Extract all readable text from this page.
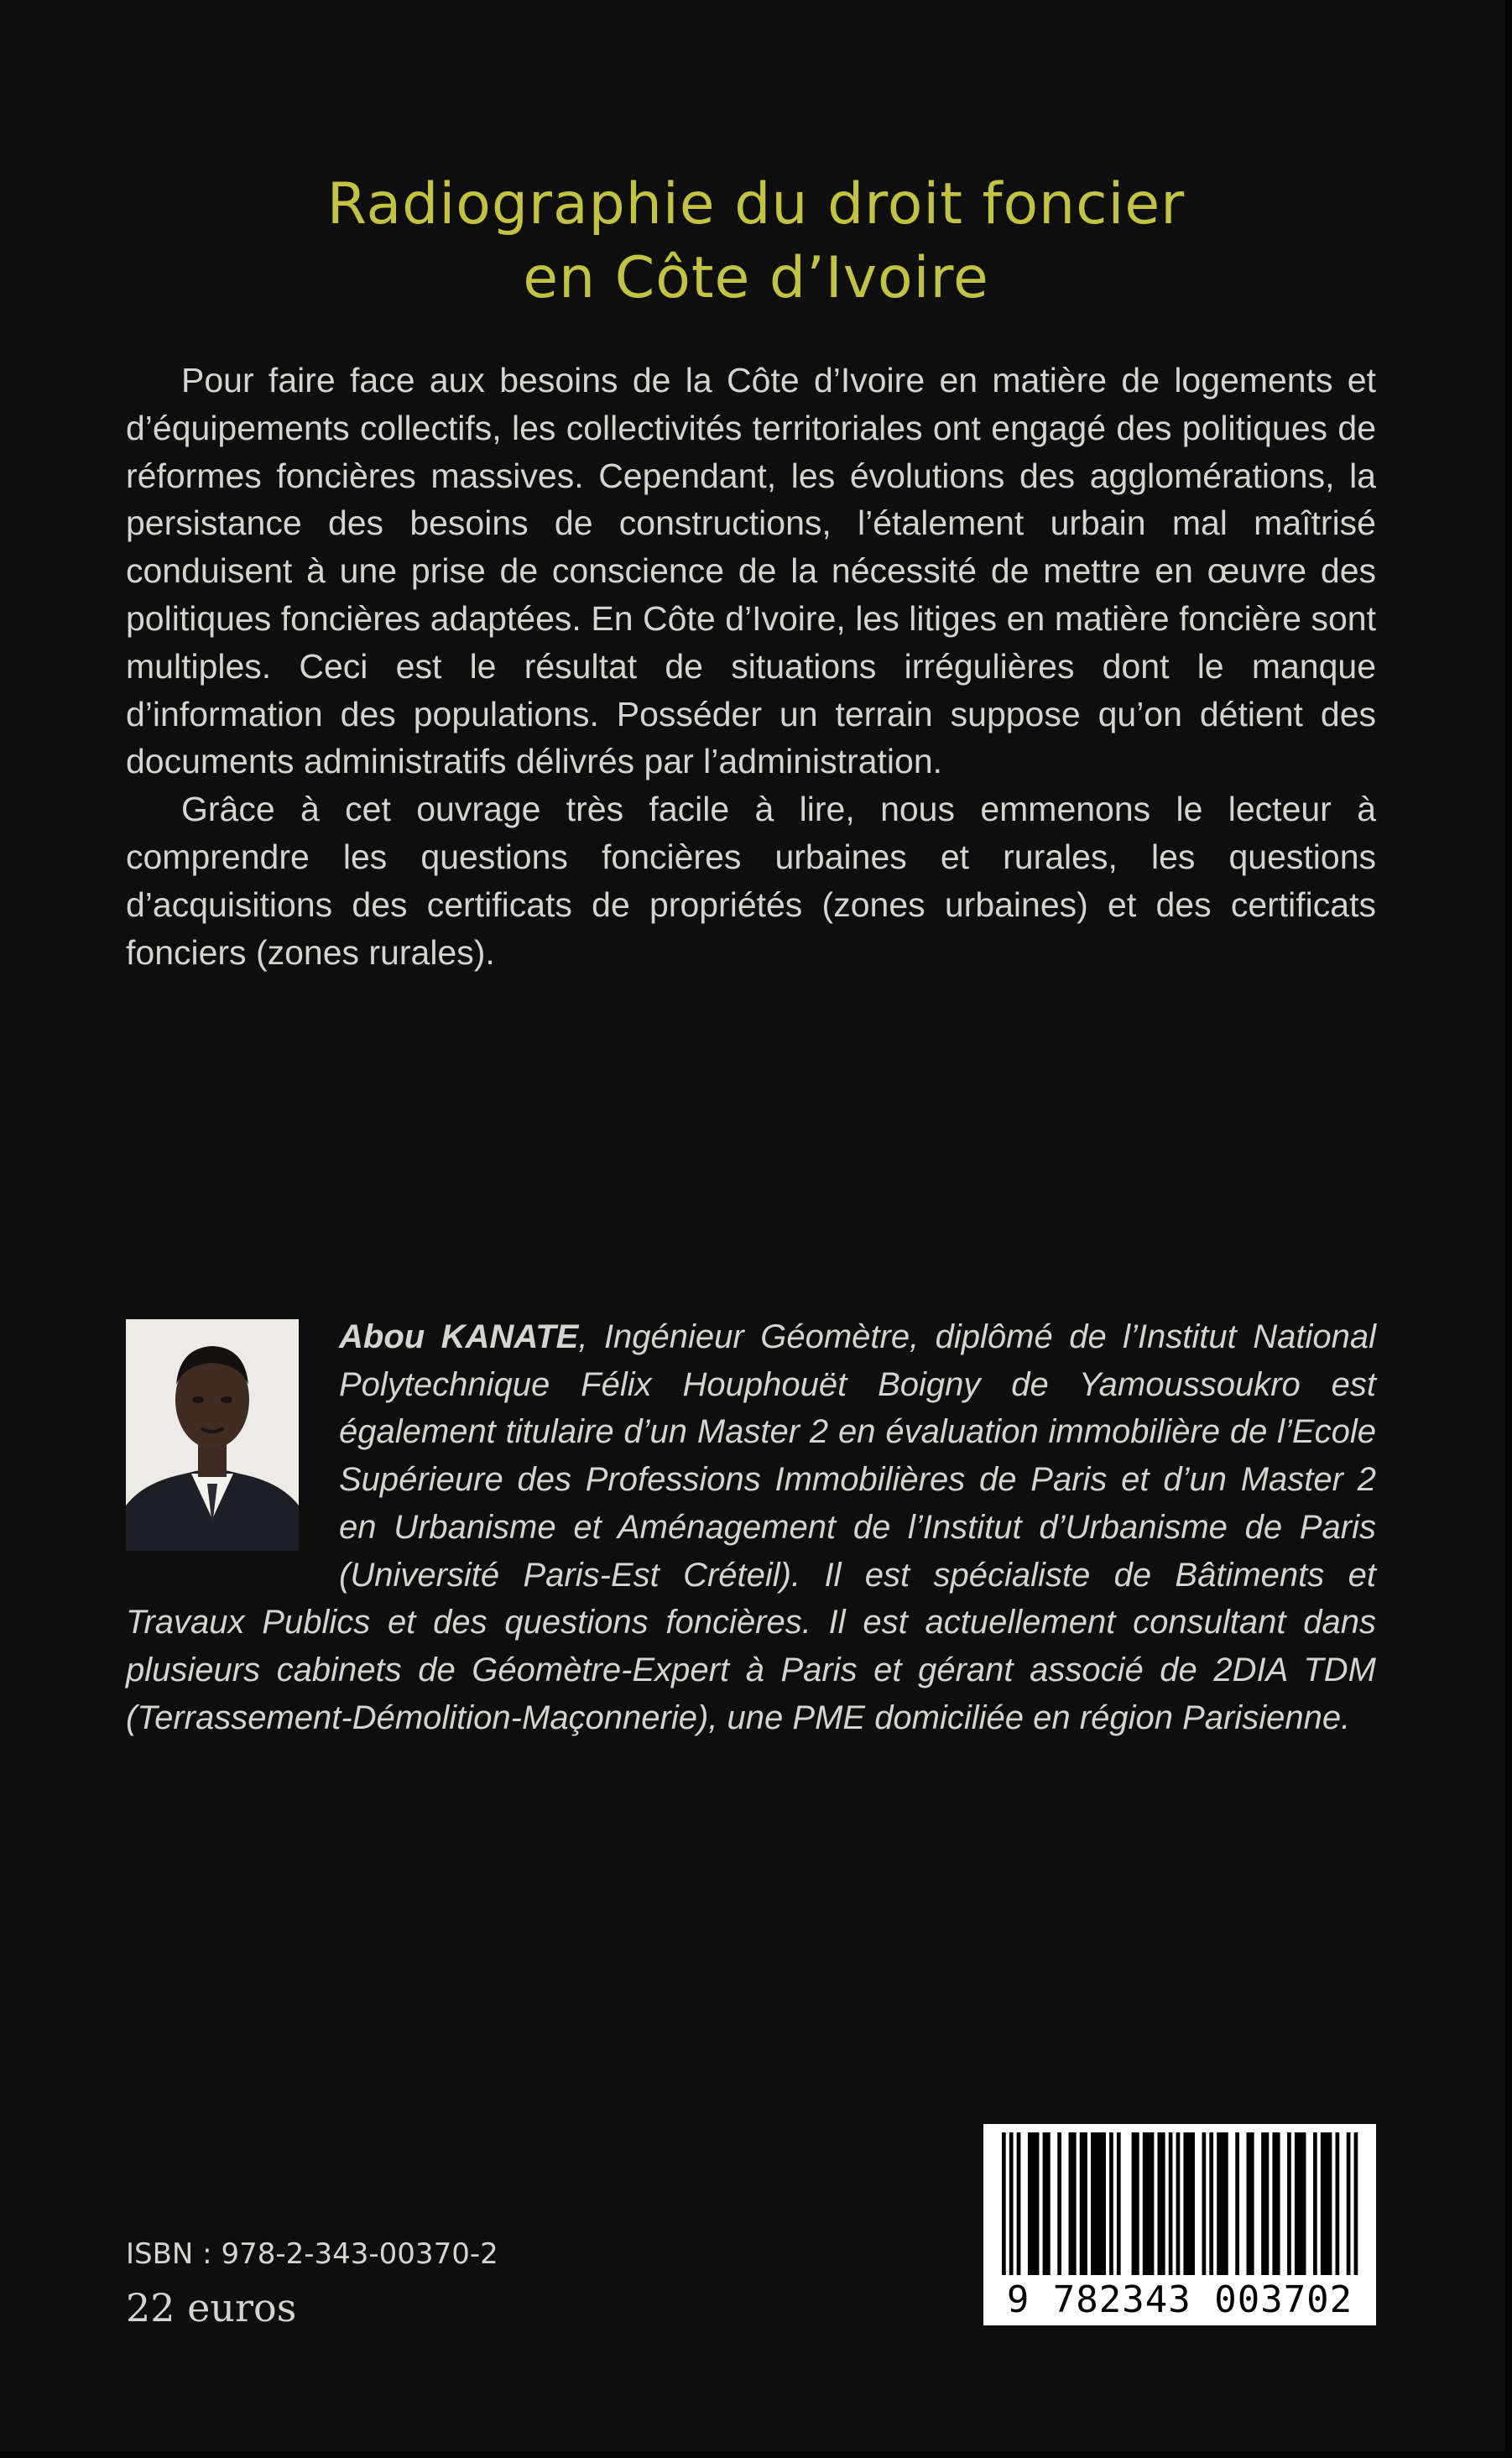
Radiographie du droit foncier
en Côte d’Ivoire

Pour faire face aux besoins de la Côte d’Ivoire en matière de logements et d’équipements collectifs, les collectivités territoriales ont engagé des politiques de réformes foncières massives. Cependant, les évolutions des agglomérations, la persistance des besoins de constructions, l’étalement urbain mal maîtrisé conduisent à une prise de conscience de la nécessité de mettre en œuvre des politiques foncières adaptées. En Côte d’Ivoire, les litiges en matière foncière sont multiples. Ceci est le résultat de situations irrégulières dont le manque d’information des populations. Posséder un terrain suppose qu’on détient des documents administratifs délivrés par l’administration.

Grâce à cet ouvrage très facile à lire, nous emmenons le lecteur à comprendre les questions foncières urbaines et rurales, les questions d’acquisitions des certificats de propriétés (zones urbaines) et des certificats fonciers (zones rurales).

Abou KANATE, Ingénieur Géomètre, diplômé de l’Institut National Polytechnique Félix Houphouët Boigny de Yamoussoukro est également titulaire d’un Master 2 en évaluation immobilière de l’Ecole Supérieure des Professions Immobilières de Paris et d’un Master 2 en Urbanisme et Aménagement de l’Institut d’Urbanisme de Paris (Université Paris-Est Créteil). Il est spécialiste de Bâtiments et Travaux Publics et des questions foncières. Il est actuellement consultant dans plusieurs cabinets de Géomètre-Expert à Paris et gérant associé de 2DIA TDM (Terrassement-Démolition-Maçonnerie), une PME domiciliée en région Parisienne.
ISBN : 978-2-343-00370-2
22 euros	9 782343 003702
